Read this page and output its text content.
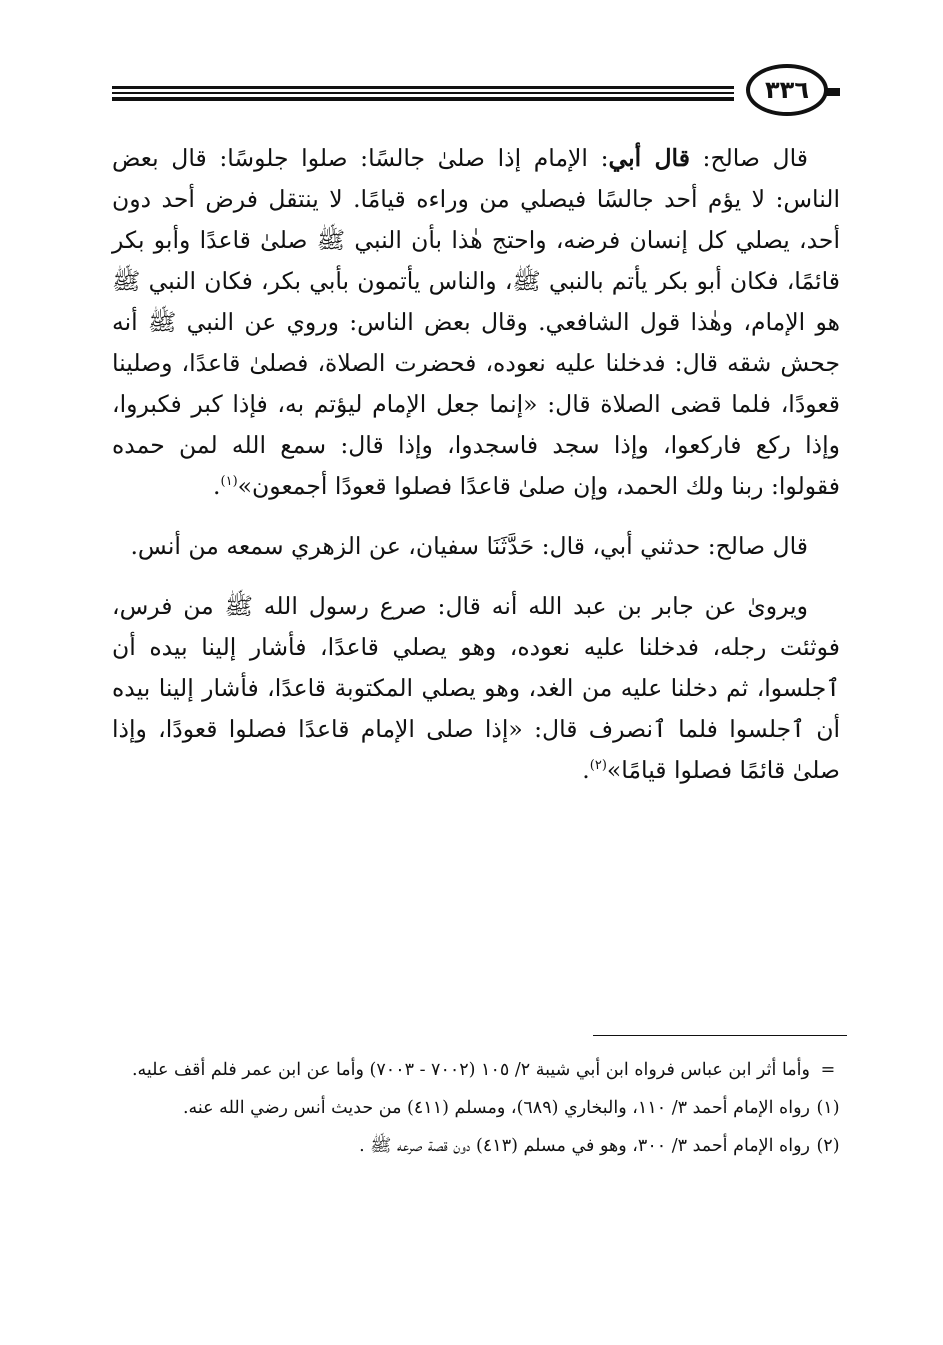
٣٣٦

قال صالح: قال أبي: الإمام إذا صلىٰ جالسًا: صلوا جلوسًا: قال بعض الناس: لا يؤم أحد جالسًا فيصلي من وراءه قيامًا. لا ينتقل فرض أحد دون أحد، يصلي كل إنسان فرضه، واحتج هٰذا بأن النبي ﷺ صلىٰ قاعدًا وأبو بكر قائمًا، فكان أبو بكر يأتم بالنبي ﷺ، والناس يأتمون بأبي بكر، فكان النبي ﷺ هو الإمام، وهٰذا قول الشافعي. وقال بعض الناس: وروي عن النبي ﷺ أنه جحش شقه قال: فدخلنا عليه نعوده، فحضرت الصلاة، فصلىٰ قاعدًا، وصلينا قعودًا، فلما قضى الصلاة قال: «إنما جعل الإمام ليؤتم به، فإذا كبر فكبروا، وإذا ركع فاركعوا، وإذا سجد فاسجدوا، وإذا قال: سمع الله لمن حمده فقولوا: ربنا ولك الحمد، وإن صلىٰ قاعدًا فصلوا قعودًا أجمعون»$^{(١)}$.

قال صالح: حدثني أبي، قال: حَدَّثَنَا سفيان، عن الزهري سمعه من أنس.

ويروىٰ عن جابر بن عبد الله أنه قال: صرع رسول الله ﷺ من فرس، فوثئت رجله، فدخلنا عليه نعوده، وهو يصلي قاعدًا، فأشار إلينا بيده أن ٱجلسوا، ثم دخلنا عليه من الغد، وهو يصلي المكتوبة قاعدًا، فأشار إلينا بيده أن ٱجلسوا فلما ٱنصرف قال: «إذا صلى الإمام قاعدًا فصلوا قعودًا، وإذا صلىٰ قائمًا فصلوا قيامًا»$^{(٢)}$.

=
وأما أثر ابن عباس فرواه ابن أبي شيبة ٢/ ١٠٥ (٧٠٠٢ - ٧٠٠٣) وأما عن ابن عمر فلم أقف عليه.
(١)
رواه الإمام أحمد ٣/ ١١٠، والبخاري (٦٨٩)، ومسلم (٤١١) من حديث أنس رضي الله عنه.
(٢)
رواه الإمام أحمد ٣/ ٣٠٠، وهو في مسلم (٤١٣) دون قصة صرعه ﷺ .
